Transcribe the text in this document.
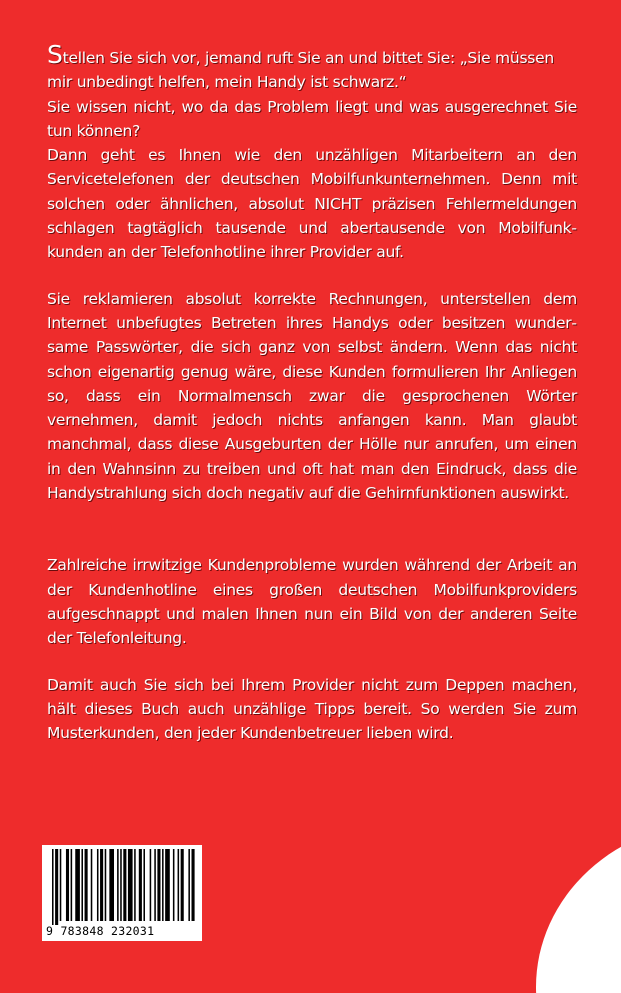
Stellen Sie sich vor, jemand ruft Sie an und bittet Sie: „Sie müssen mir unbedingt helfen, mein Handy ist schwarz.“

Sie wissen nicht, wo da das Problem liegt und was ausgerechnet Sie tun können?

Dann geht es Ihnen wie den unzähligen Mitarbeitern an den Servicetelefonen der deutschen Mobilfunkunternehmen. Denn mit solchen oder ähnlichen, absolut NICHT präzisen Fehlermeldungen schlagen tagtäglich tausende und abertausende von Mobilfunkkunden an der Telefonhotline ihrer Provider auf.

Sie reklamieren absolut korrekte Rechnungen, unterstellen dem Internet unbefugtes Betreten ihres Handys oder besitzen wundersame Passwörter, die sich ganz von selbst ändern. Wenn das nicht schon eigenartig genug wäre, diese Kunden formulieren Ihr Anliegen so, dass ein Normalmensch zwar die gesprochenen Wörter vernehmen, damit jedoch nichts anfangen kann. Man glaubt manchmal, dass diese Ausgeburten der Hölle nur anrufen, um einen in den Wahnsinn zu treiben und oft hat man den Eindruck, dass die Handystrahlung sich doch negativ auf die Gehirnfunktionen auswirkt.

Zahlreiche irrwitzige Kundenprobleme wurden während der Arbeit an der Kundenhotline eines großen deutschen Mobilfunkproviders aufgeschnappt und malen Ihnen nun ein Bild von der anderen Seite der Telefonleitung.

Damit auch Sie sich bei Ihrem Provider nicht zum Deppen machen, hält dieses Buch auch unzählige Tipps bereit. So werden Sie zum Musterkunden, den jeder Kundenbetreuer lieben wird.

9 783848 232031
